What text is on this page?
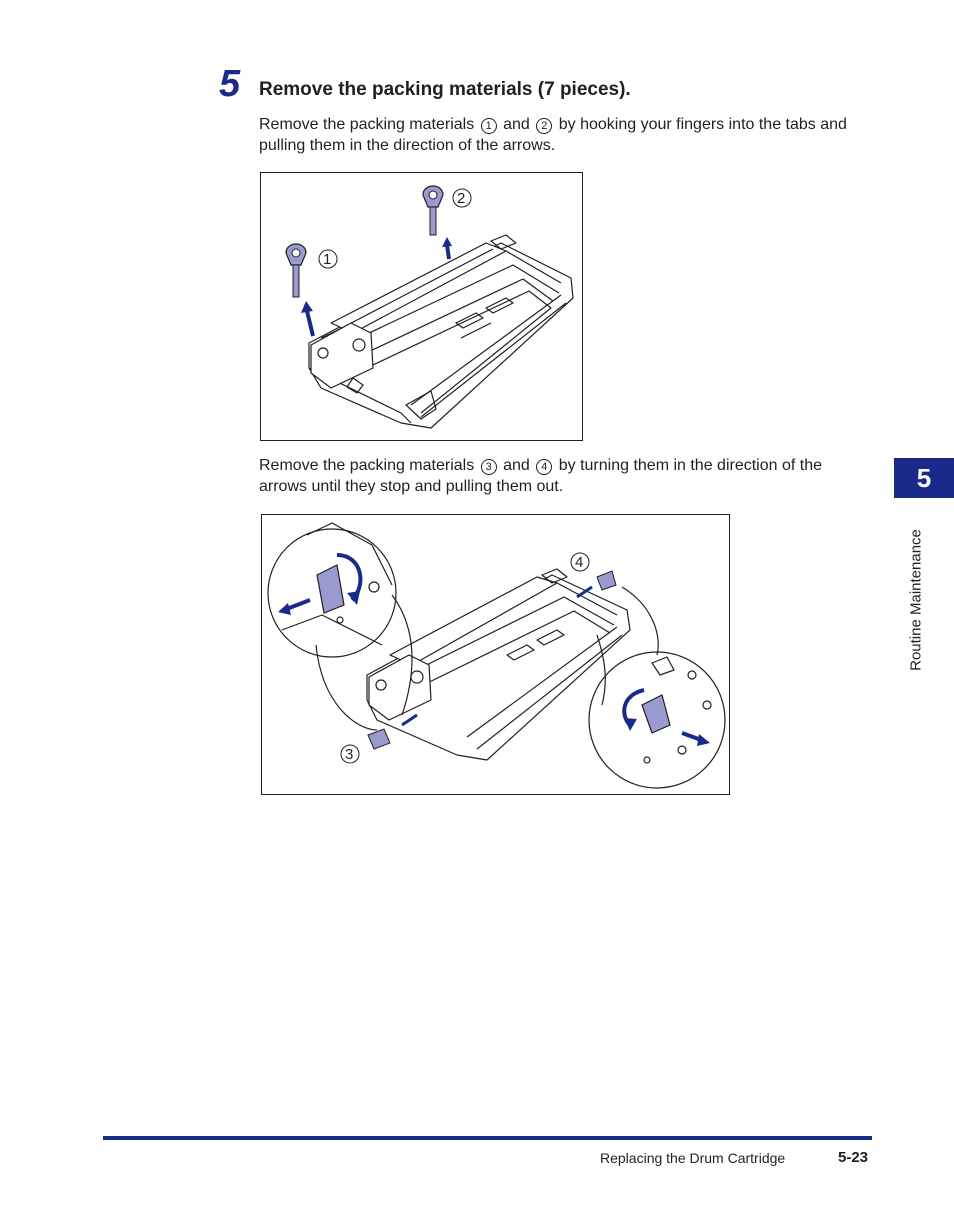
5 Remove the packing materials (7 pieces).
Remove the packing materials 1 and 2 by hooking your fingers into the tabs and pulling them in the direction of the arrows.
1
2
Remove the packing materials 3 and 4 by turning them in the direction of the arrows until they stop and pulling them out.
3
4
5
Routine Maintenance
Replacing the Drum Cartridge	5-23
